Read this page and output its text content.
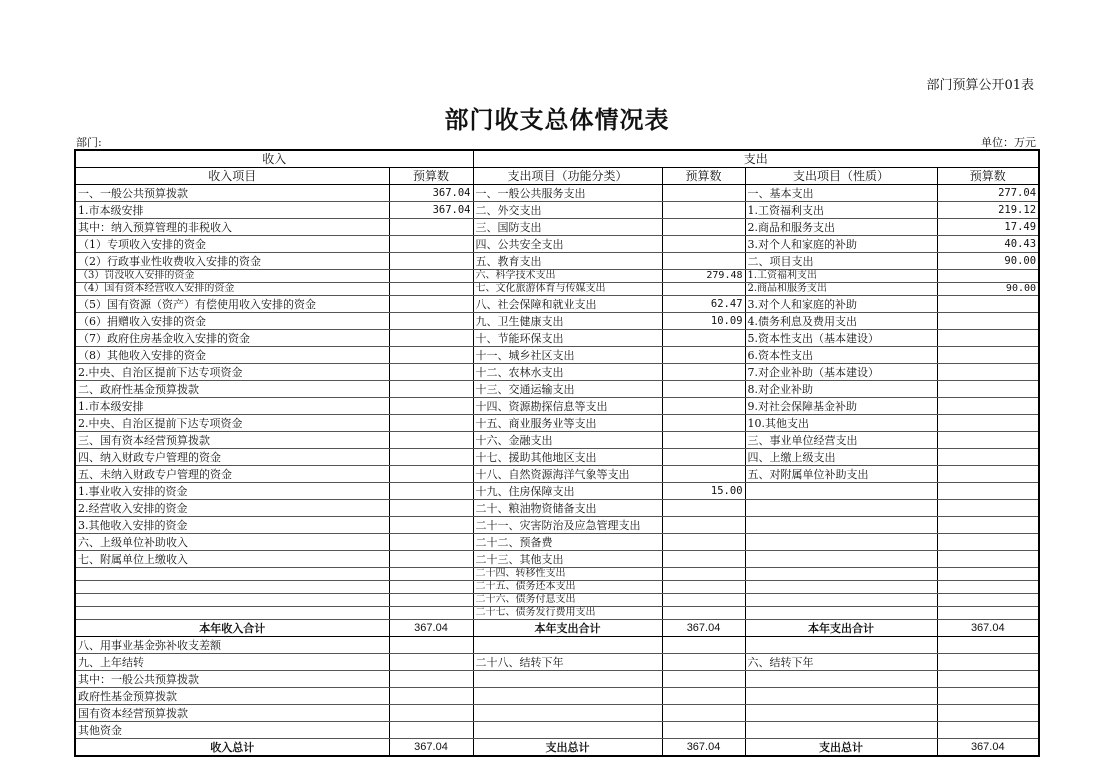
部门预算公开01表
部门收支总体情况表
部门:	单位：万元
收入		支出			
收入项目	预算数	支出项目（功能分类）	预算数	支出项目（性质）	预算数
一、一般公共预算拨款	367.04	一、一般公共服务支出		一、基本支出	277.04
1.市本级安排	367.04	二、外交支出		1.工资福利支出	219.12
其中：纳入预算管理的非税收入		三、国防支出		2.商品和服务支出	17.49
（1）专项收入安排的资金		四、公共安全支出		3.对个人和家庭的补助	40.43
（2）行政事业性收费收入安排的资金		五、教育支出		二、项目支出	90.00
（3）罚没收入安排的资金		六、科学技术支出	279.48	1.工资福利支出	
（4）国有资本经营收入安排的资金		七、文化旅游体育与传媒支出		2.商品和服务支出	90.00
（5）国有资源（资产）有偿使用收入安排的资金		八、社会保障和就业支出	62.47	3.对个人和家庭的补助	
（6）捐赠收入安排的资金		九、卫生健康支出	10.09	4.债务利息及费用支出	
（7）政府住房基金收入安排的资金		十、节能环保支出		5.资本性支出（基本建设）	
（8）其他收入安排的资金		十一、城乡社区支出		6.资本性支出	
2.中央、自治区提前下达专项资金		十二、农林水支出		7.对企业补助（基本建设）	
二、政府性基金预算拨款		十三、交通运输支出		8.对企业补助	
1.市本级安排		十四、资源勘探信息等支出		9.对社会保障基金补助	
2.中央、自治区提前下达专项资金		十五、商业服务业等支出		10.其他支出	
三、国有资本经营预算拨款		十六、金融支出		三、事业单位经营支出	
四、纳入财政专户管理的资金		十七、援助其他地区支出		四、上缴上级支出	
五、未纳入财政专户管理的资金		十八、自然资源海洋气象等支出		五、对附属单位补助支出	
1.事业收入安排的资金		十九、住房保障支出	15.00		
2.经营收入安排的资金		二十、粮油物资储备支出			
3.其他收入安排的资金		二十一、灾害防治及应急管理支出			
六、上级单位补助收入		二十二、预备费			
七、附属单位上缴收入		二十三、其他支出			
		二十四、转移性支出			
		二十五、债务还本支出			
		二十六、债务付息支出			
		二十七、债务发行费用支出			
本年收入合计	367.04	本年支出合计	367.04	本年支出合计	367.04
八、用事业基金弥补收支差额					
九、上年结转		二十八、结转下年		六、结转下年	
其中：一般公共预算拨款					
政府性基金预算拨款					
国有资本经营预算拨款					
其他资金					
收入总计	367.04	支出总计	367.04	支出总计	367.04
